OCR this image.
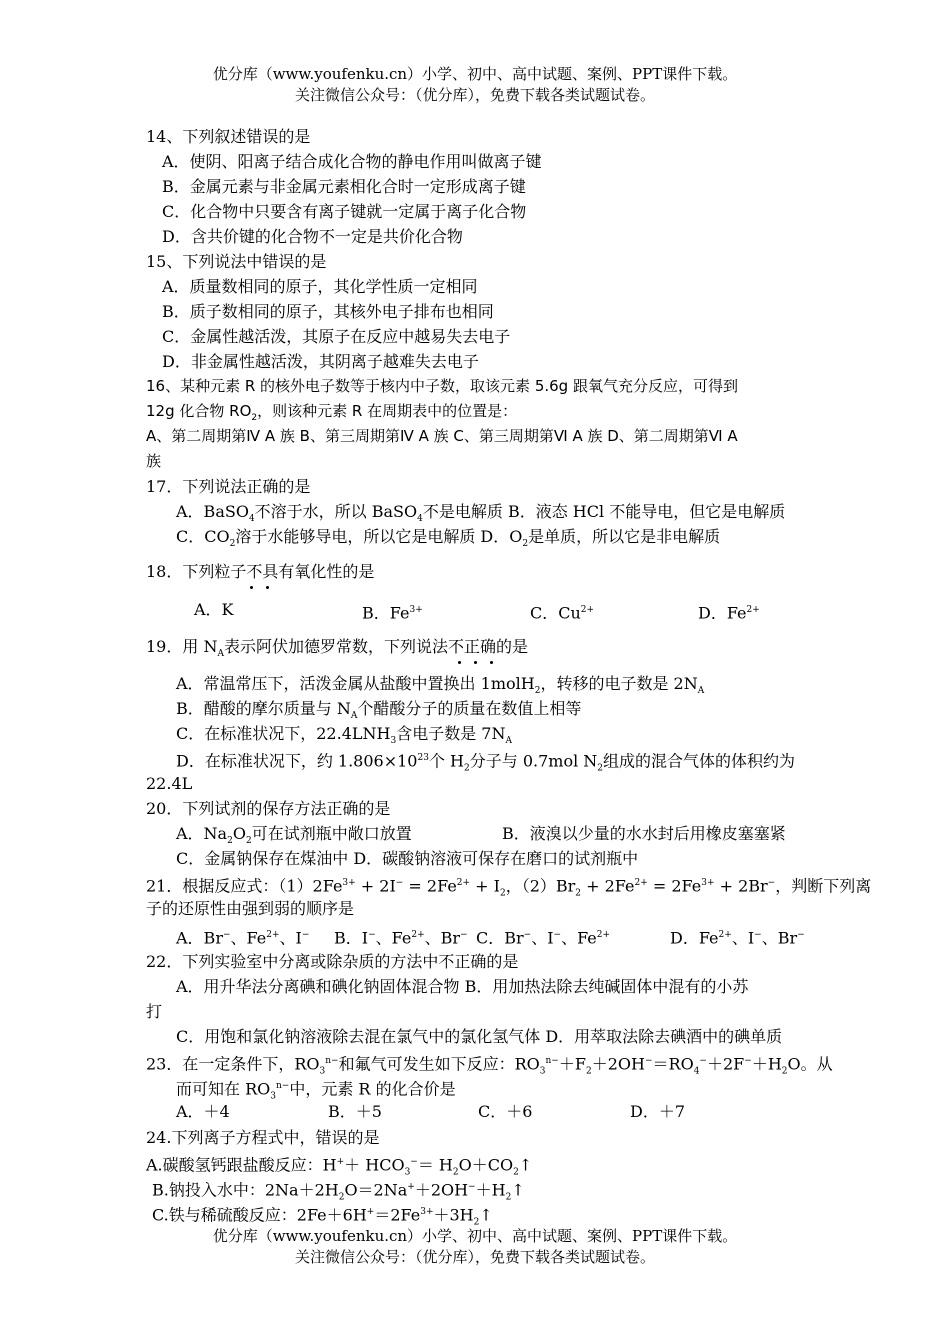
优分库（www.youfenku.cn）小学、初中、高中试题、案例、PPT课件下载。
关注微信公众号：（优分库），免费下载各类试题试卷。
14、下列叙述错误的是
A．使阴、阳离子结合成化合物的静电作用叫做离子键
B．金属元素与非金属元素相化合时一定形成离子键
C．化合物中只要含有离子键就一定属于离子化合物
D．含共价键的化合物不一定是共价化合物
15、下列说法中错误的是
A．质量数相同的原子，其化学性质一定相同
B．质子数相同的原子，其核外电子排布也相同
C．金属性越活泼，其原子在反应中越易失去电子
D．非金属性越活泼，其阴离子越难失去电子
16、某种元素 R 的核外电子数等于核内中子数，取该元素 5.6g 跟氧气充分反应，可得到
12g 化合物 $RO_2$，则该种元素 R 在周期表中的位置是：
A、第二周期第Ⅳ A 族 B、第三周期第Ⅳ A 族 C、第三周期第Ⅵ A 族 D、第二周期第Ⅵ A
族
17．下列说法正确的是
A．BaSO$_4$不溶于水，所以 BaSO$_4$不是电解质 B．液态 HCl 不能导电，但它是电解质
C．$CO_2$溶于水能够导电，所以它是电解质 D．$O_2$是单质，所以它是非电解质
18．下列粒子不具有氧化性的是
A．K	B．$Fe^{3+}$	C．$Cu^{2+}$	D．$Fe^{2+}$
19．用 $N_A$表示阿伏加德罗常数，下列说法不正确的是
A．常温常压下，活泼金属从盐酸中置换出 1molH$_2$，转移的电子数是 $2N_A$
B．醋酸的摩尔质量与 $N_A$个醋酸分子的质量在数值上相等
C．在标准状况下，$22.4LNH_3$含电子数是 $7N_A$
D．在标准状况下，约 $1.806\times 10^{23}$个 $H_2$分子与 0.7mol $N_2$组成的混合气体的体积约为
22.4L
20．下列试剂的保存方法正确的是
A．$Na_2O_2$可在试剂瓶中敞口放置	B．液溴以少量的水水封后用橡皮塞塞紧
C．金属钠保存在煤油中 D．碳酸钠溶液可保存在磨口的试剂瓶中
21．根据反应式：$(1)2Fe^{3+} + 2I^- = 2Fe^{2+} + I_2$，$(2)Br_2 + 2Fe^{2+} = 2Fe^{3+} + 2Br^-$，判断下列离
子的还原性由强到弱的顺序是
A．Br−、$Fe^{2+}$、I− B．I−、$Fe^{2+}$、Br− C．Br−、I−、$Fe^{2+}$	D．$Fe^{2+}$、I−、Br−
22．下列实验室中分离或除杂质的方法中不正确的是
A．用升华法分离碘和碘化钠固体混合物 B．用加热法除去纯碱固体中混有的小苏
打
C．用饱和氯化钠溶液除去混在氯气中的氯化氢气体 D．用萃取法除去碘酒中的碘单质
23．在一定条件下，$RO_3^{n-}$和氟气可发生如下反应：$RO_3^{n-}+F_2+2OH^-=RO_4^-+2F^-+H_2O$。从
而可知在 $RO_3^{n-}$中，元素 R 的化合价是
A．＋4	B．＋5	C．＋6	D．＋7
24.下列离子方程式中，错误的是
A.碳酸氢钙跟盐酸反应：$H^++ HCO_3^-=$ $H_2O+CO_2↑$
B.钠投入水中：$2Na+2H_2O=2Na^++2OH^-+H_2↑$
C.铁与稀硫酸反应：$2Fe+6H^+=2Fe^{3+}+3H_2↑$
优分库（www.youfenku.cn）小学、初中、高中试题、案例、PPT课件下载。
关注微信公众号：（优分库），免费下载各类试题试卷。
